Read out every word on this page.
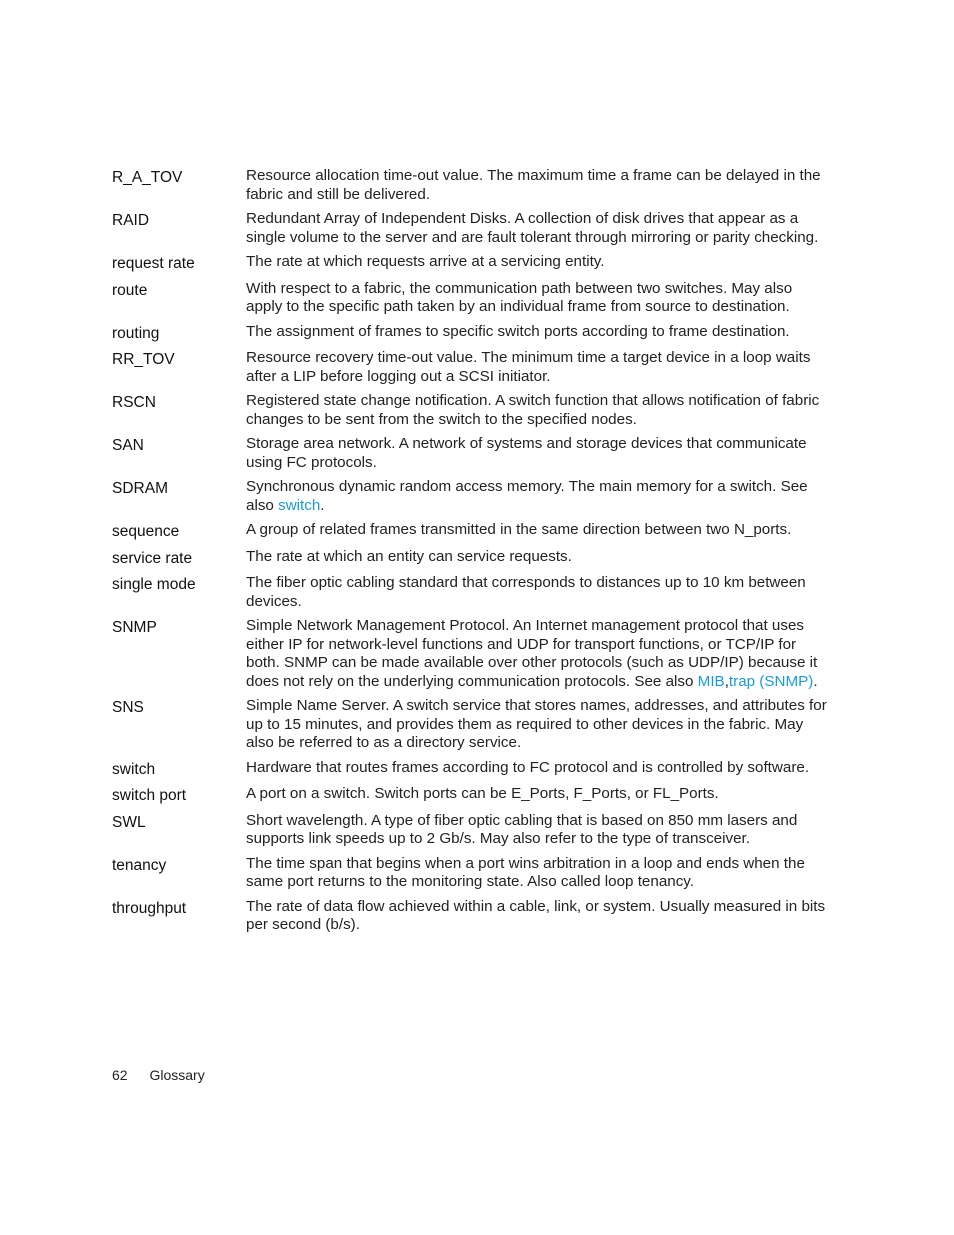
R_A_TOV	Resource allocation time-out value. The maximum time a frame can be delayed in the fabric and still be delivered.
RAID	Redundant Array of Independent Disks. A collection of disk drives that appear as a single volume to the server and are fault tolerant through mirroring or parity checking.
request rate	The rate at which requests arrive at a servicing entity.
route	With respect to a fabric, the communication path between two switches. May also apply to the specific path taken by an individual frame from source to destination.
routing	The assignment of frames to specific switch ports according to frame destination.
RR_TOV	Resource recovery time-out value. The minimum time a target device in a loop waits after a LIP before logging out a SCSI initiator.
RSCN	Registered state change notification. A switch function that allows notification of fabric changes to be sent from the switch to the specified nodes.
SAN	Storage area network. A network of systems and storage devices that communicate using FC protocols.
SDRAM	Synchronous dynamic random access memory. The main memory for a switch. See also switch.
sequence	A group of related frames transmitted in the same direction between two N_ports.
service rate	The rate at which an entity can service requests.
single mode	The fiber optic cabling standard that corresponds to distances up to 10 km between devices.
SNMP	Simple Network Management Protocol. An Internet management protocol that uses either IP for network-level functions and UDP for transport functions, or TCP/IP for both. SNMP can be made available over other protocols (such as UDP/IP) because it does not rely on the underlying communication protocols. See also MIB,trap (SNMP).
SNS	Simple Name Server. A switch service that stores names, addresses, and attributes for up to 15 minutes, and provides them as required to other devices in the fabric. May also be referred to as a directory service.
switch	Hardware that routes frames according to FC protocol and is controlled by software.
switch port	A port on a switch. Switch ports can be E_Ports, F_Ports, or FL_Ports.
SWL	Short wavelength. A type of fiber optic cabling that is based on 850 mm lasers and supports link speeds up to 2 Gb/s. May also refer to the type of transceiver.
tenancy	The time span that begins when a port wins arbitration in a loop and ends when the same port returns to the monitoring state. Also called loop tenancy.
throughput	The rate of data flow achieved within a cable, link, or system. Usually measured in bits per second (b/s).
62 Glossary
